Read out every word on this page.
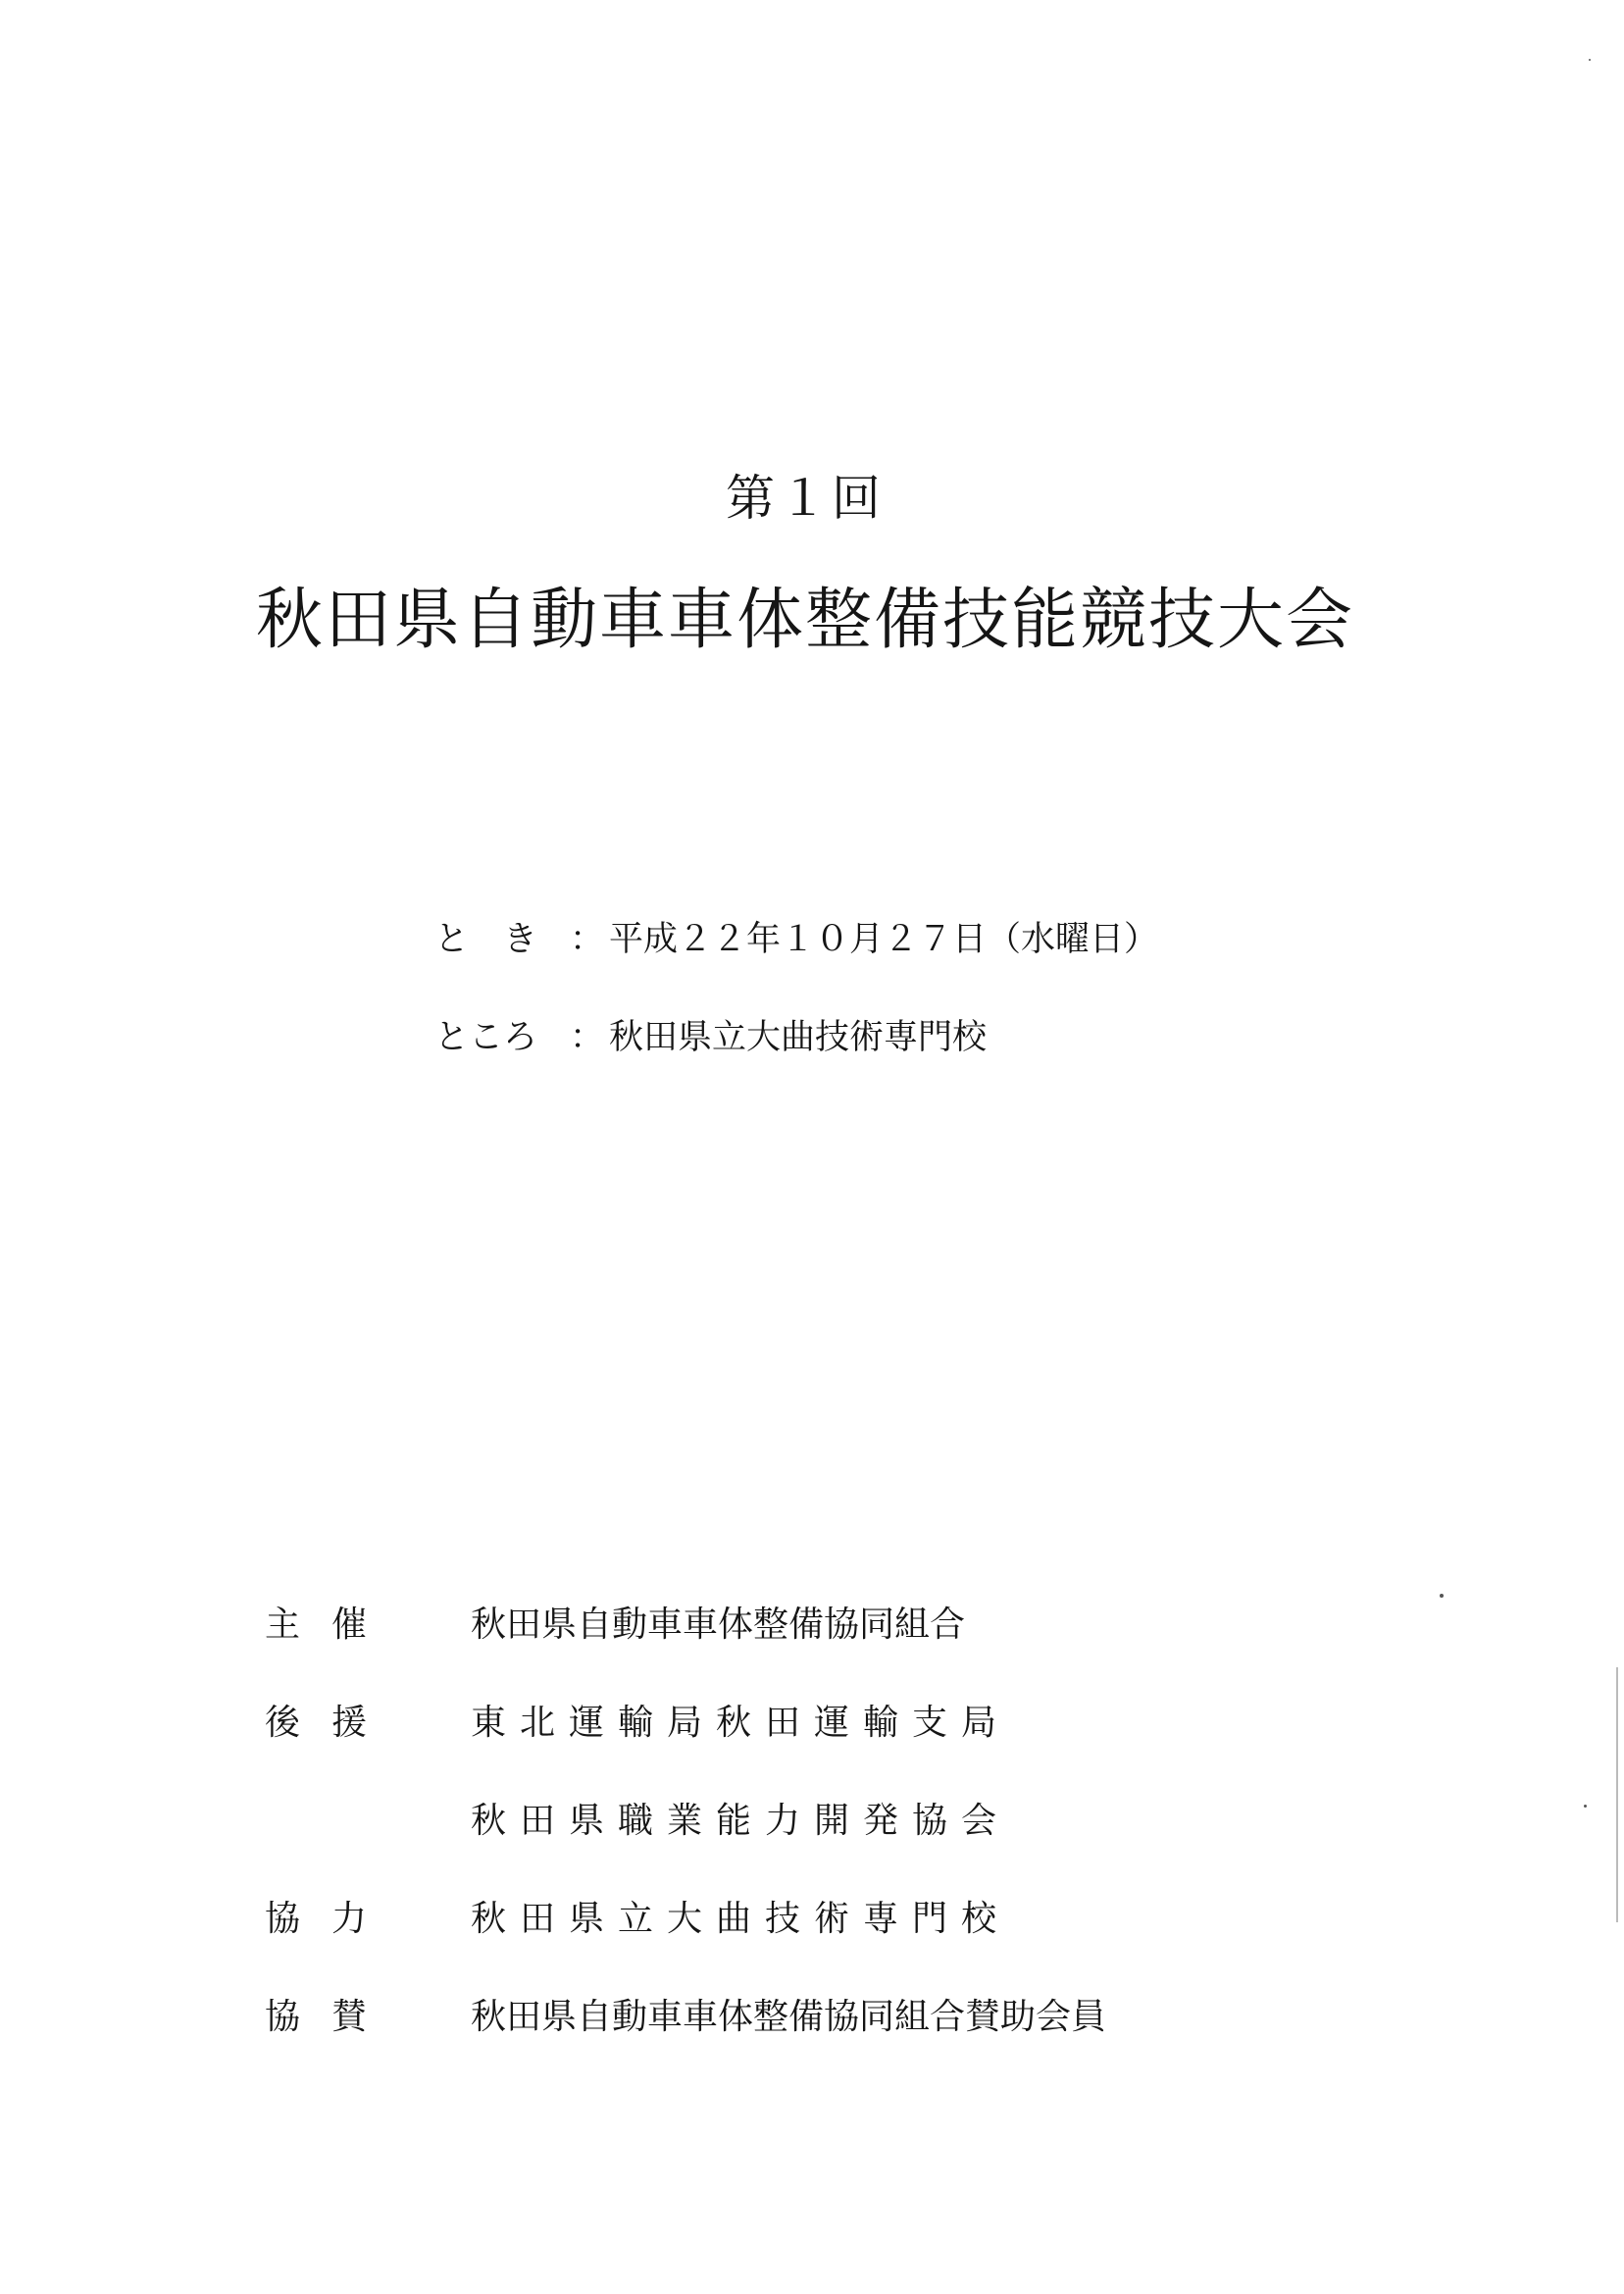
第１回
秋田県自動車車体整備技能競技大会
と　き ： 平成２２年１０月２７日（水曜日）
ところ ： 秋田県立大曲技術専門校
主催 秋田県自動車車体整備協同組合
後援 東北運輸局秋田運輸支局
秋田県職業能力開発協会
協力 秋田県立大曲技術専門校
協賛 秋田県自動車車体整備協同組合賛助会員
